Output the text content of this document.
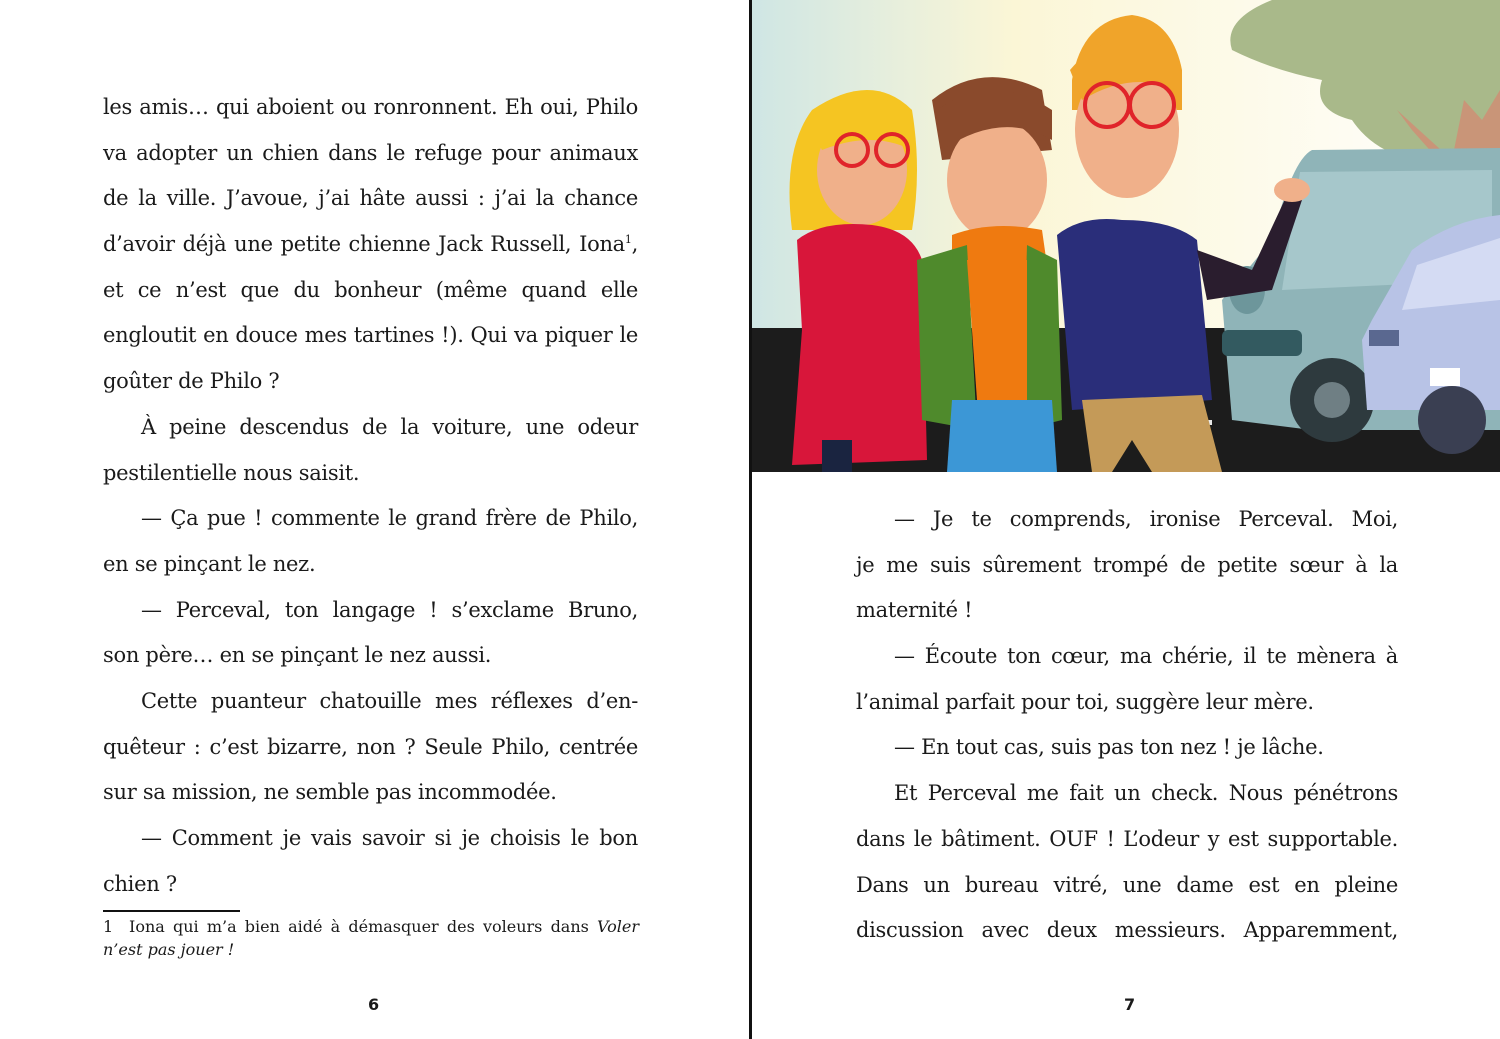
les amis… qui aboient ou ronronnent. Eh oui, Philo
va adopter un chien dans le refuge pour animaux
de la ville. J’avoue, j’ai hâte aussi : j’ai la chance
d’avoir déjà une petite chienne Jack Russell, Iona$^1$,
et ce n’est que du bonheur (même quand elle
engloutit en douce mes tartines !). Qui va piquer le
goûter de Philo ?
À peine descendus de la voiture, une odeur
pestilentielle nous saisit.
— Ça pue ! commente le grand frère de Philo,
en se pinçant le nez.
— Perceval, ton langage ! s’exclame Bruno,
son père… en se pinçant le nez aussi.
Cette puanteur chatouille mes réflexes d’en-
quêteur : c’est bizarre, non ? Seule Philo, centrée
sur sa mission, ne semble pas incommodée.
— Comment je vais savoir si je choisis le bon
chien ?
1 Iona qui m’a bien aidé à démasquer des voleurs dans Voler n’est pas jouer !
6
— Je te comprends, ironise Perceval. Moi,
je me suis sûrement trompé de petite sœur à la
maternité !
— Écoute ton cœur, ma chérie, il te mènera à
l’animal parfait pour toi, suggère leur mère.
— En tout cas, suis pas ton nez ! je lâche.
Et Perceval me fait un check. Nous pénétrons
dans le bâtiment. OUF ! L’odeur y est supportable.
Dans un bureau vitré, une dame est en pleine
discussion avec deux messieurs. Apparemment,
7
